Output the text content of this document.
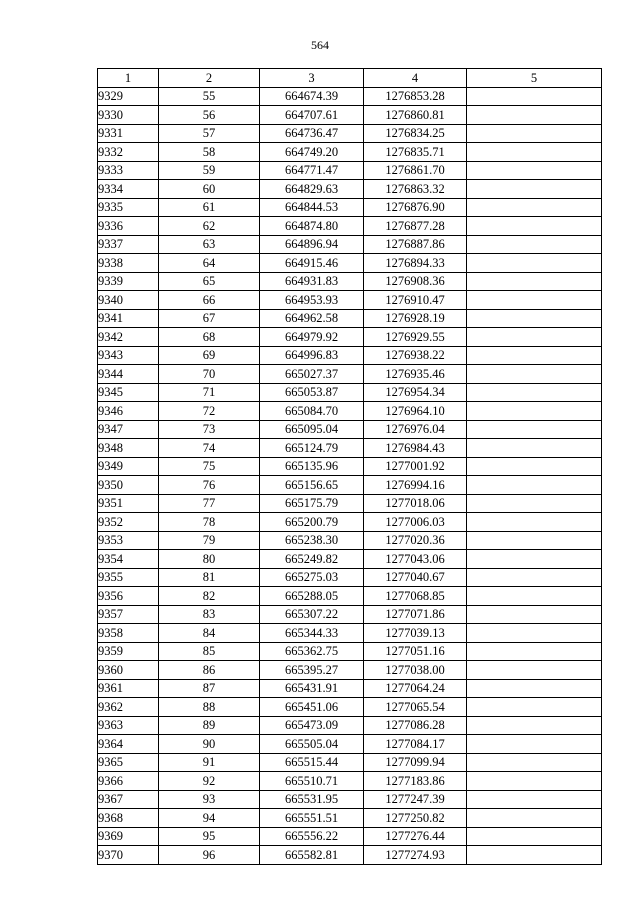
564
1	2	3	4	5
9329	55	664674.39	1276853.28	
9330	56	664707.61	1276860.81	
9331	57	664736.47	1276834.25	
9332	58	664749.20	1276835.71	
9333	59	664771.47	1276861.70	
9334	60	664829.63	1276863.32	
9335	61	664844.53	1276876.90	
9336	62	664874.80	1276877.28	
9337	63	664896.94	1276887.86	
9338	64	664915.46	1276894.33	
9339	65	664931.83	1276908.36	
9340	66	664953.93	1276910.47	
9341	67	664962.58	1276928.19	
9342	68	664979.92	1276929.55	
9343	69	664996.83	1276938.22	
9344	70	665027.37	1276935.46	
9345	71	665053.87	1276954.34	
9346	72	665084.70	1276964.10	
9347	73	665095.04	1276976.04	
9348	74	665124.79	1276984.43	
9349	75	665135.96	1277001.92	
9350	76	665156.65	1276994.16	
9351	77	665175.79	1277018.06	
9352	78	665200.79	1277006.03	
9353	79	665238.30	1277020.36	
9354	80	665249.82	1277043.06	
9355	81	665275.03	1277040.67	
9356	82	665288.05	1277068.85	
9357	83	665307.22	1277071.86	
9358	84	665344.33	1277039.13	
9359	85	665362.75	1277051.16	
9360	86	665395.27	1277038.00	
9361	87	665431.91	1277064.24	
9362	88	665451.06	1277065.54	
9363	89	665473.09	1277086.28	
9364	90	665505.04	1277084.17	
9365	91	665515.44	1277099.94	
9366	92	665510.71	1277183.86	
9367	93	665531.95	1277247.39	
9368	94	665551.51	1277250.82	
9369	95	665556.22	1277276.44	
9370	96	665582.81	1277274.93	
